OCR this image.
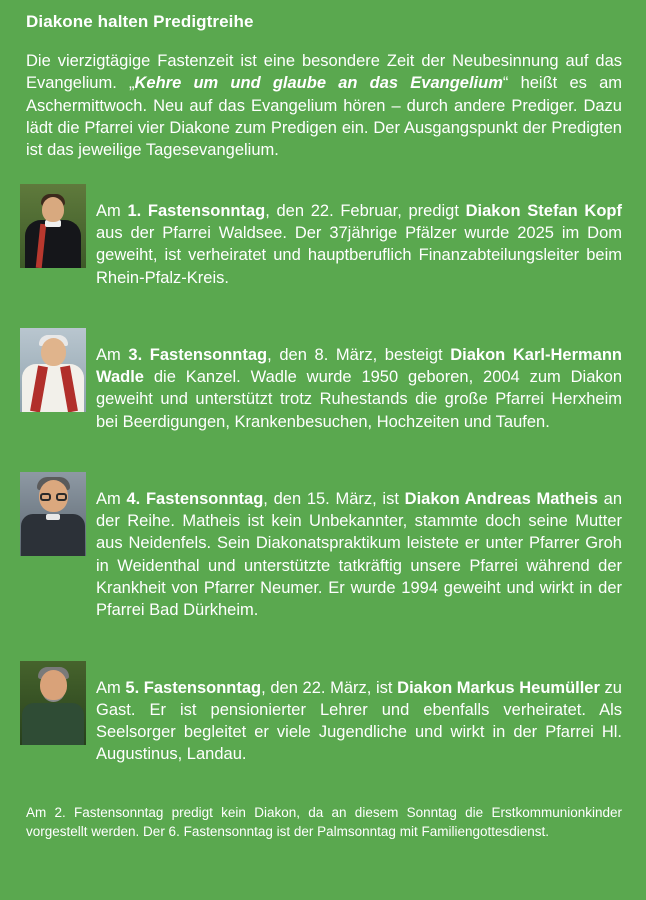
Diakone halten Predigtreihe

Die vierzigtägige Fastenzeit ist eine besondere Zeit der Neubesinnung auf das Evangelium. „Kehre um und glaube an das Evangelium“ heißt es am Aschermittwoch. Neu auf das Evangelium hören – durch andere Prediger. Dazu lädt die Pfarrei vier Diakone zum Predigen ein. Der Ausgangspunkt der Predigten ist das jeweilige Tagesevangelium.

Am 1. Fastensonntag, den 22. Februar, predigt Diakon Stefan Kopf aus der Pfarrei Waldsee. Der 37jährige Pfälzer wurde 2025 im Dom geweiht, ist verheiratet und hauptberuflich Finanzabteilungsleiter beim Rhein-Pfalz-Kreis.

Am 3. Fastensonntag, den 8. März, besteigt Diakon Karl-Hermann Wadle die Kanzel. Wadle wurde 1950 geboren, 2004 zum Diakon geweiht und unterstützt trotz Ruhestands die große Pfarrei Herxheim bei Beerdigungen, Krankenbesuchen, Hochzeiten und Taufen.

Am 4. Fastensonntag, den 15. März, ist Diakon Andreas Matheis an der Reihe. Matheis ist kein Unbekannter, stammte doch seine Mutter aus Neidenfels. Sein Diakonatspraktikum leistete er unter Pfarrer Groh in Weidenthal und unterstützte tatkräftig unsere Pfarrei während der Krankheit von Pfarrer Neumer. Er wurde 1994 geweiht und wirkt in der Pfarrei Bad Dürkheim.

Am 5. Fastensonntag, den 22. März, ist Diakon Markus Heumüller zu Gast. Er ist pensionierter Lehrer und ebenfalls verheiratet. Als Seelsorger begleitet er viele Jugendliche und wirkt in der Pfarrei Hl. Augustinus, Landau.

Am 2. Fastensonntag predigt kein Diakon, da an diesem Sonntag die Erstkommunionkinder vorgestellt werden. Der 6. Fastensonntag ist der Palmsonntag mit Familiengottesdienst.
